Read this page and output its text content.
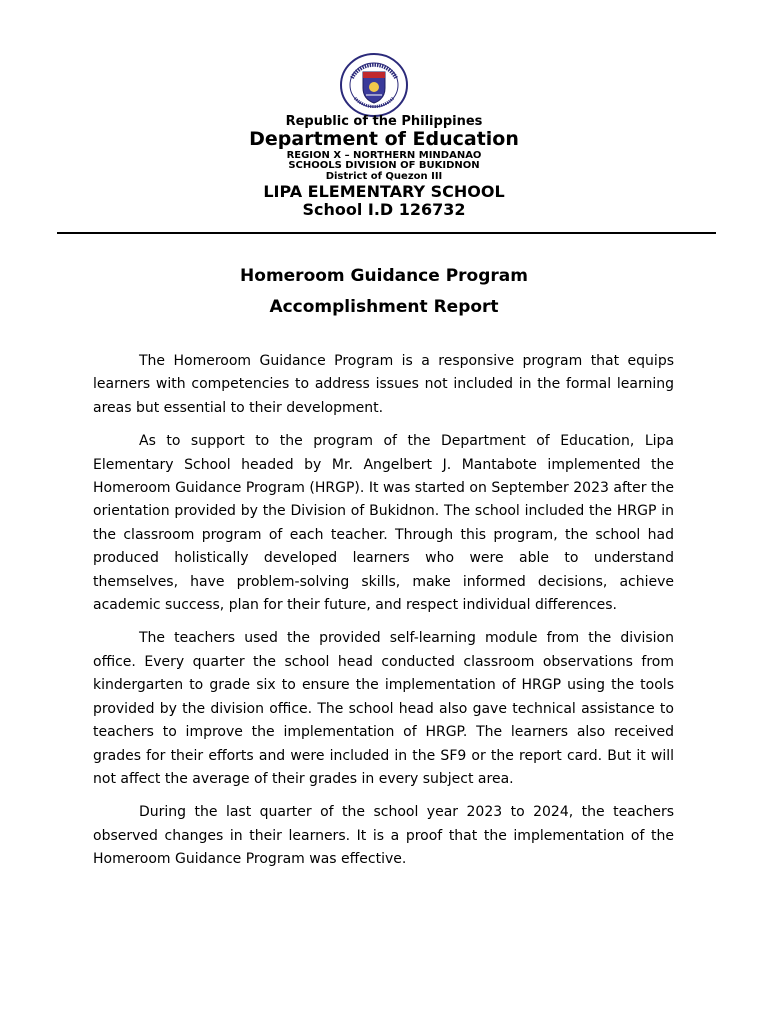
Republic of the Philippines
Department of Education
REGION X – NORTHERN MINDANAO
SCHOOLS DIVISION OF BUKIDNON
District of Quezon III
LIPA ELEMENTARY SCHOOL
School I.D 126732
Homeroom Guidance Program
Accomplishment Report

The Homeroom Guidance Program is a responsive program that equips learners with competencies to address issues not included in the formal learning areas but essential to their development.

As to support to the program of the Department of Education, Lipa Elementary School headed by Mr. Angelbert J. Mantabote implemented the Homeroom Guidance Program (HRGP). It was started on September 2023 after the orientation provided by the Division of Bukidnon. The school included the HRGP in the classroom program of each teacher. Through this program, the school had produced holistically developed learners who were able to understand themselves, have problem-solving skills, make informed decisions, achieve academic success, plan for their future, and respect individual differences.

The teachers used the provided self-learning module from the division office. Every quarter the school head conducted classroom observations from kindergarten to grade six to ensure the implementation of HRGP using the tools provided by the division office. The school head also gave technical assistance to teachers to improve the implementation of HRGP. The learners also received grades for their efforts and were included in the SF9 or the report card. But it will not affect the average of their grades in every subject area.

During the last quarter of the school year 2023 to 2024, the teachers observed changes in their learners. It is a proof that the implementation of the Homeroom Guidance Program was effective.
